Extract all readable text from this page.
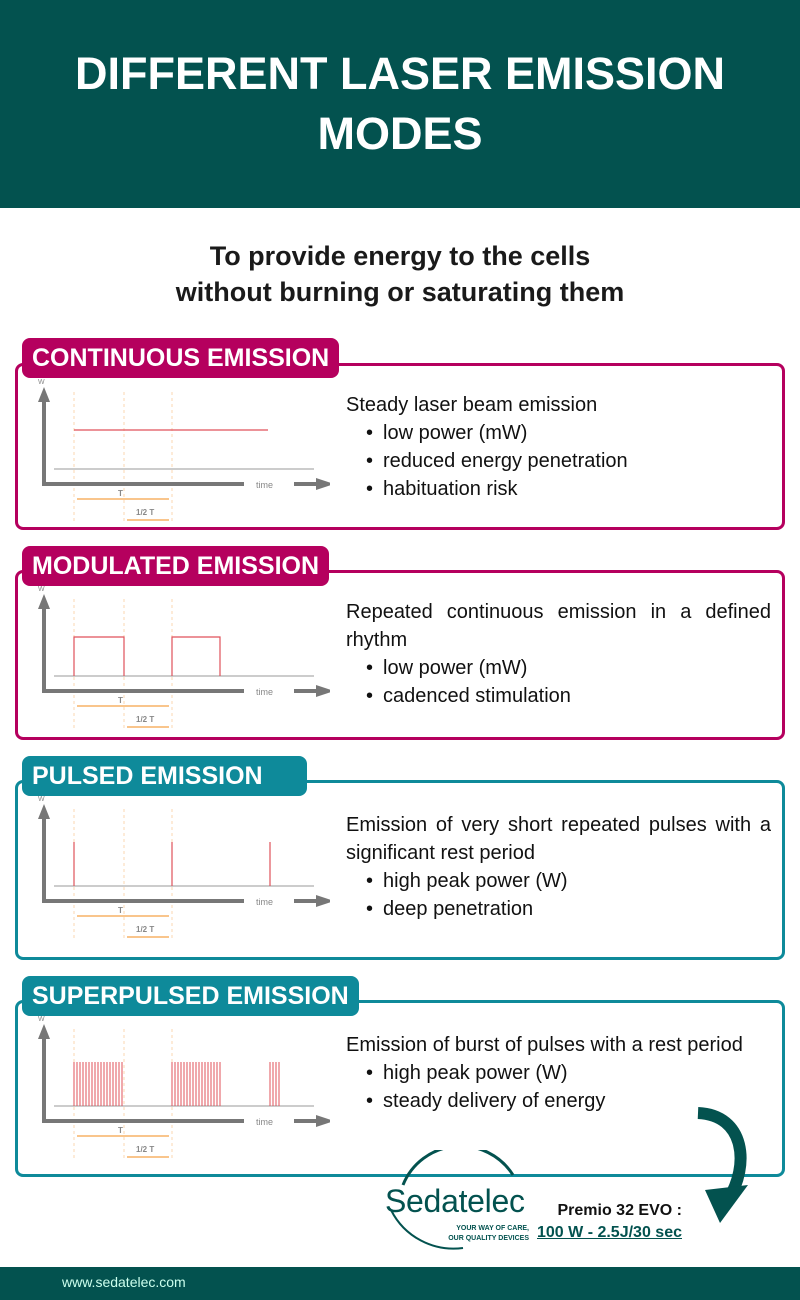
DIFFERENT LASER EMISSION
MODES
To provide energy to the cells
without burning or saturating them
Steady laser beam emission
• low power (mW)
• reduced energy penetration
• habituation risk
W
time
T
1/2 T
CONTINUOUS EMISSION
Repeated continuous emission in a defined rhythm
• low power (mW)
• cadenced stimulation
W
time
T
1/2 T
MODULATED EMISSION
Emission of very short repeated pulses with a significant rest period
• high peak power (W)
• deep penetration
W
time
T
1/2 T
PULSED EMISSION
Emission of burst of pulses with a rest period
• high peak power (W)
• steady delivery of energy
W
time
T
1/2 T
SUPERPULSED EMISSION
Sedatelec
YOUR WAY OF CARE,
OUR QUALITY DEVICES
Premio 32 EVO :
100 W - 2.5J/30 sec
www.sedatelec.com
